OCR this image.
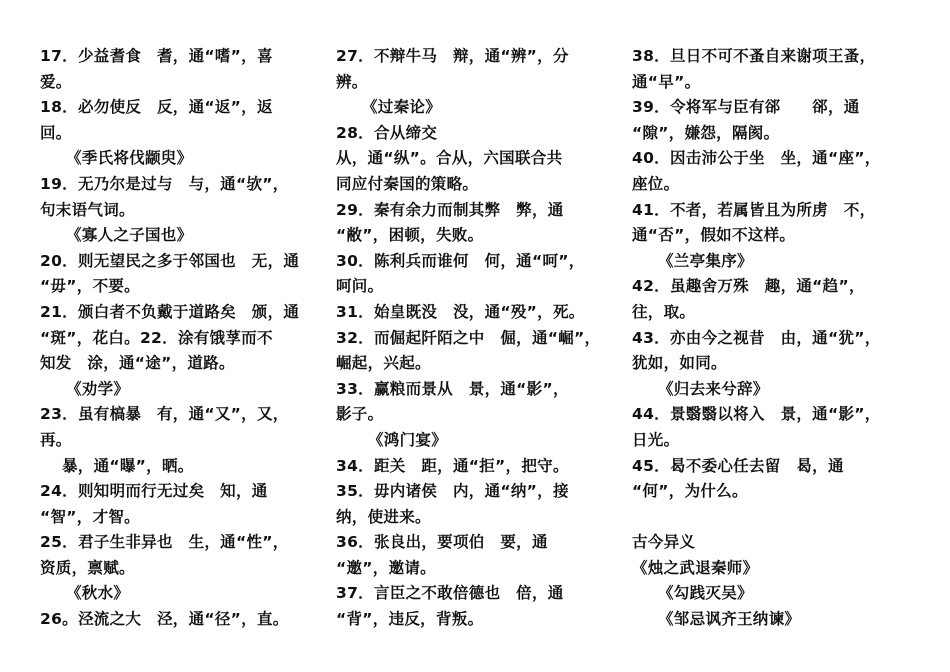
17．少益耆食　耆，通“嗜”，喜
爱。
18．必勿使反　反，通“返”，返
回。
《季氏将伐颛臾》
19．无乃尔是过与　与，通“欤”，
句末语气词。
《寡人之子国也》
20．则无望民之多于邻国也　无，通
“毋”，不要。
21．颁白者不负戴于道路矣　颁，通
“斑”，花白。22．涂有饿莩而不
知发　涂，通“途”，道路。
《劝学》
23．虽有槁暴　有，通“又”，又，
再。
暴，通“曝”，晒。
24．则知明而行无过矣　知，通
“智”，才智。
25．君子生非异也　生，通“性”，
资质，禀赋。
《秋水》
26。泾流之大　泾，通“径”，直。
27．不辩牛马　辩，通“辨”，分
辨。
《过秦论》
28．合从缔交
从，通“纵”。合从，六国联合共
同应付秦国的策略。
29．秦有余力而制其弊　弊，通
“敝”，困顿，失败。
30．陈利兵而谁何　何，通“呵”，
呵问。
31．始皇既没　没，通“殁”，死。
32．而倔起阡陌之中　倔，通“崛”，
崛起，兴起。
33．赢粮而景从　景，通“影”，
影子。
《鸿门宴》
34．距关　距，通“拒”，把守。
35．毋内诸侯　内，通“纳”，接
纳，使进来。
36．张良出，要项伯　要，通
“邀”，邀请。
37．言臣之不敢倍德也　倍，通
“背”，违反，背叛。
38．旦日不可不蚤自来谢项王蚤，
通“早”。
39．令将军与臣有郤　　郤，通
“隙”，嫌怨，隔阂。
40．因击沛公于坐　坐，通“座”，
座位。
41．不者，若属皆且为所虏　不，
通“否”，假如不这样。
《兰亭集序》
42．虽趣舍万殊　趣，通“趋”，
往，取。
43．亦由今之视昔　由，通“犹”，
犹如，如同。
《归去来兮辞》
44．景翳翳以将入　景，通“影”，
日光。
45．曷不委心任去留　曷，通
“何”，为什么。
古今异义
《烛之武退秦师》
《勾践灭吴》
《邹忌讽齐王纳谏》
